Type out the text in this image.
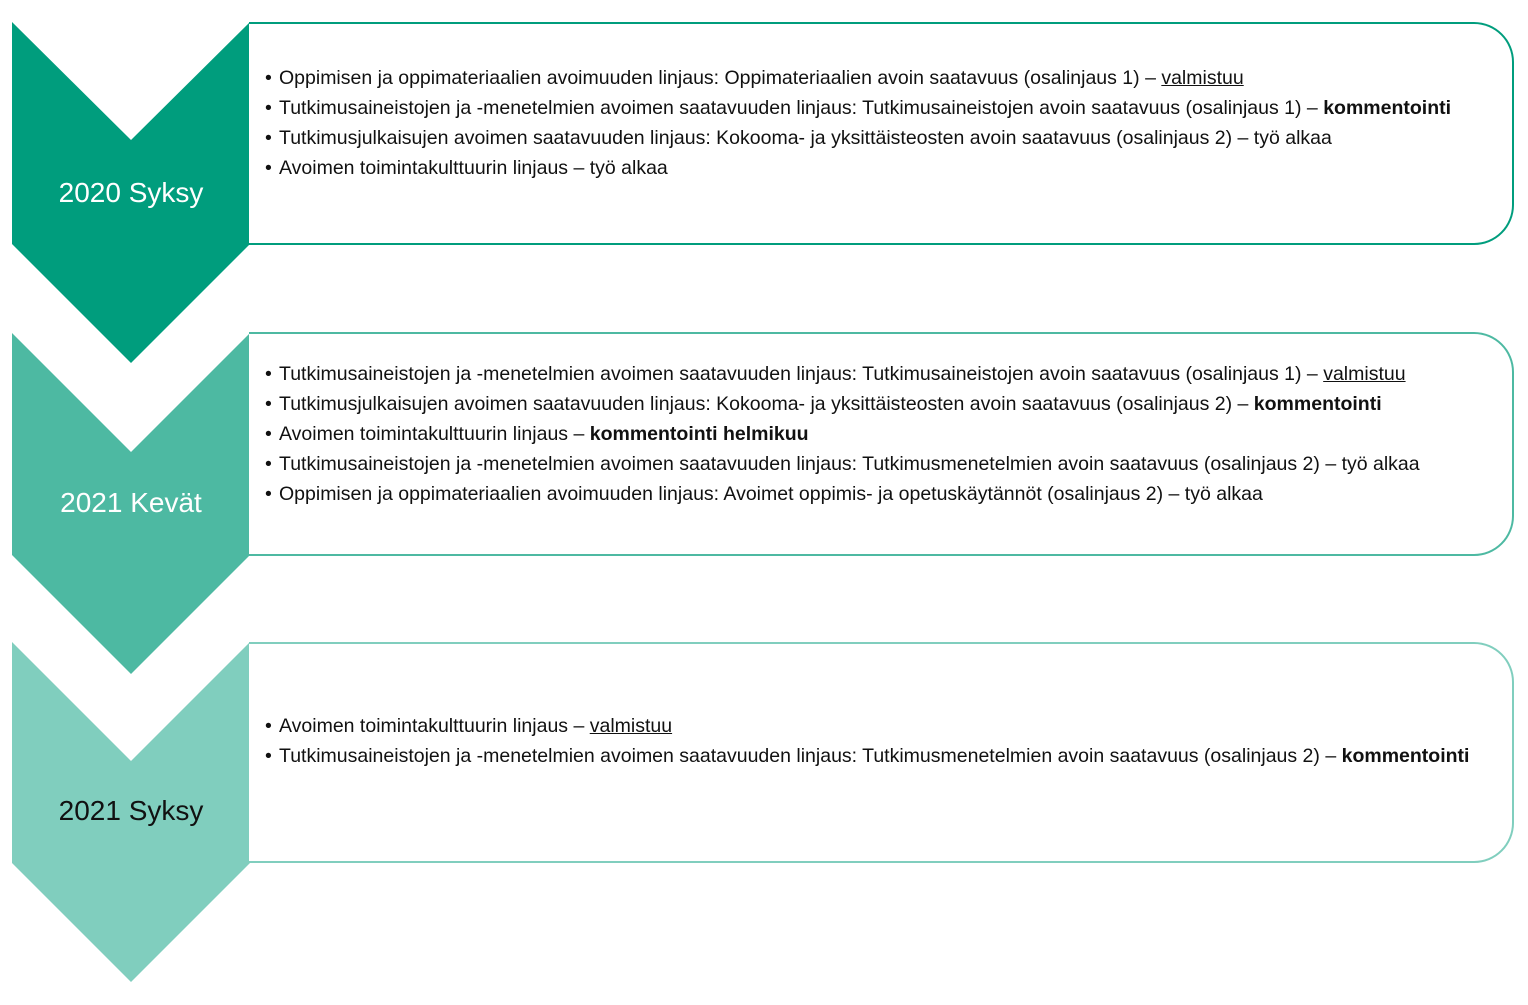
• Oppimisen ja oppimateriaalien avoimuuden linjaus: Oppimateriaalien avoin saatavuus (osalinjaus 1) – valmistuu
• Tutkimusaineistojen ja -menetelmien avoimen saatavuuden linjaus: Tutkimusaineistojen avoin saatavuus (osalinjaus 1) – kommentointi
• Tutkimusjulkaisujen avoimen saatavuuden linjaus: Kokooma- ja yksittäisteosten avoin saatavuus (osalinjaus 2) – työ alkaa
• Avoimen toimintakulttuurin linjaus – työ alkaa
2020 Syksy
• Tutkimusaineistojen ja -menetelmien avoimen saatavuuden linjaus: Tutkimusaineistojen avoin saatavuus (osalinjaus 1) – valmistuu
• Tutkimusjulkaisujen avoimen saatavuuden linjaus: Kokooma- ja yksittäisteosten avoin saatavuus (osalinjaus 2) – kommentointi
• Avoimen toimintakulttuurin linjaus – kommentointi helmikuu
• Tutkimusaineistojen ja -menetelmien avoimen saatavuuden linjaus: Tutkimusmenetelmien avoin saatavuus (osalinjaus 2) – työ alkaa
• Oppimisen ja oppimateriaalien avoimuuden linjaus: Avoimet oppimis- ja opetuskäytännöt (osalinjaus 2) – työ alkaa
2021 Kevät
• Avoimen toimintakulttuurin linjaus – valmistuu
• Tutkimusaineistojen ja -menetelmien avoimen saatavuuden linjaus: Tutkimusmenetelmien avoin saatavuus (osalinjaus 2) – kommentointi
2021 Syksy
